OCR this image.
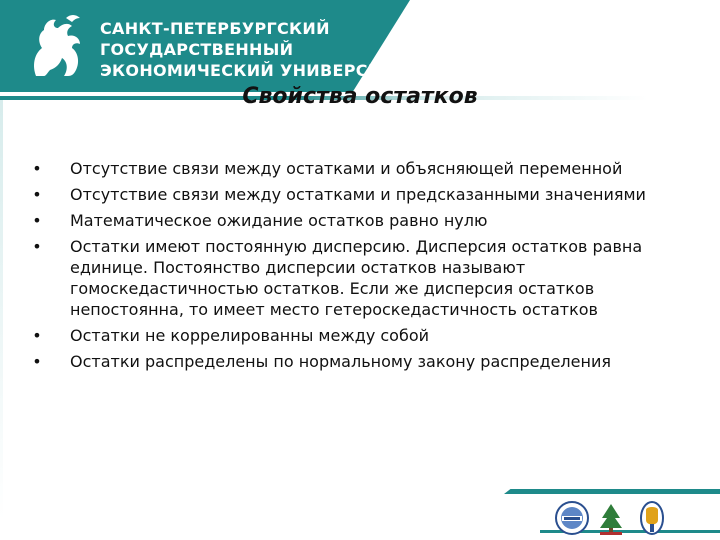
САНКТ-ПЕТЕРБУРГСКИЙ
ГОСУДАРСТВЕННЫЙ
ЭКОНОМИЧЕСКИЙ УНИВЕРСИТЕТ
Свойства остатков
• Отсутствие связи между остатками и объясняющей переменной
• Отсутствие связи между остатками и предсказанными значениями
• Математическое ожидание остатков равно нулю
• Остатки имеют постоянную дисперсию. Дисперсия остатков равна единице. Постоянство дисперсии остатков называют гомоскедастичностью остатков. Если же дисперсия остатков непостоянна, то имеет место гетероскедастичность остатков
• Остатки не коррелированны между собой
• Остатки распределены по нормальному закону распределения
